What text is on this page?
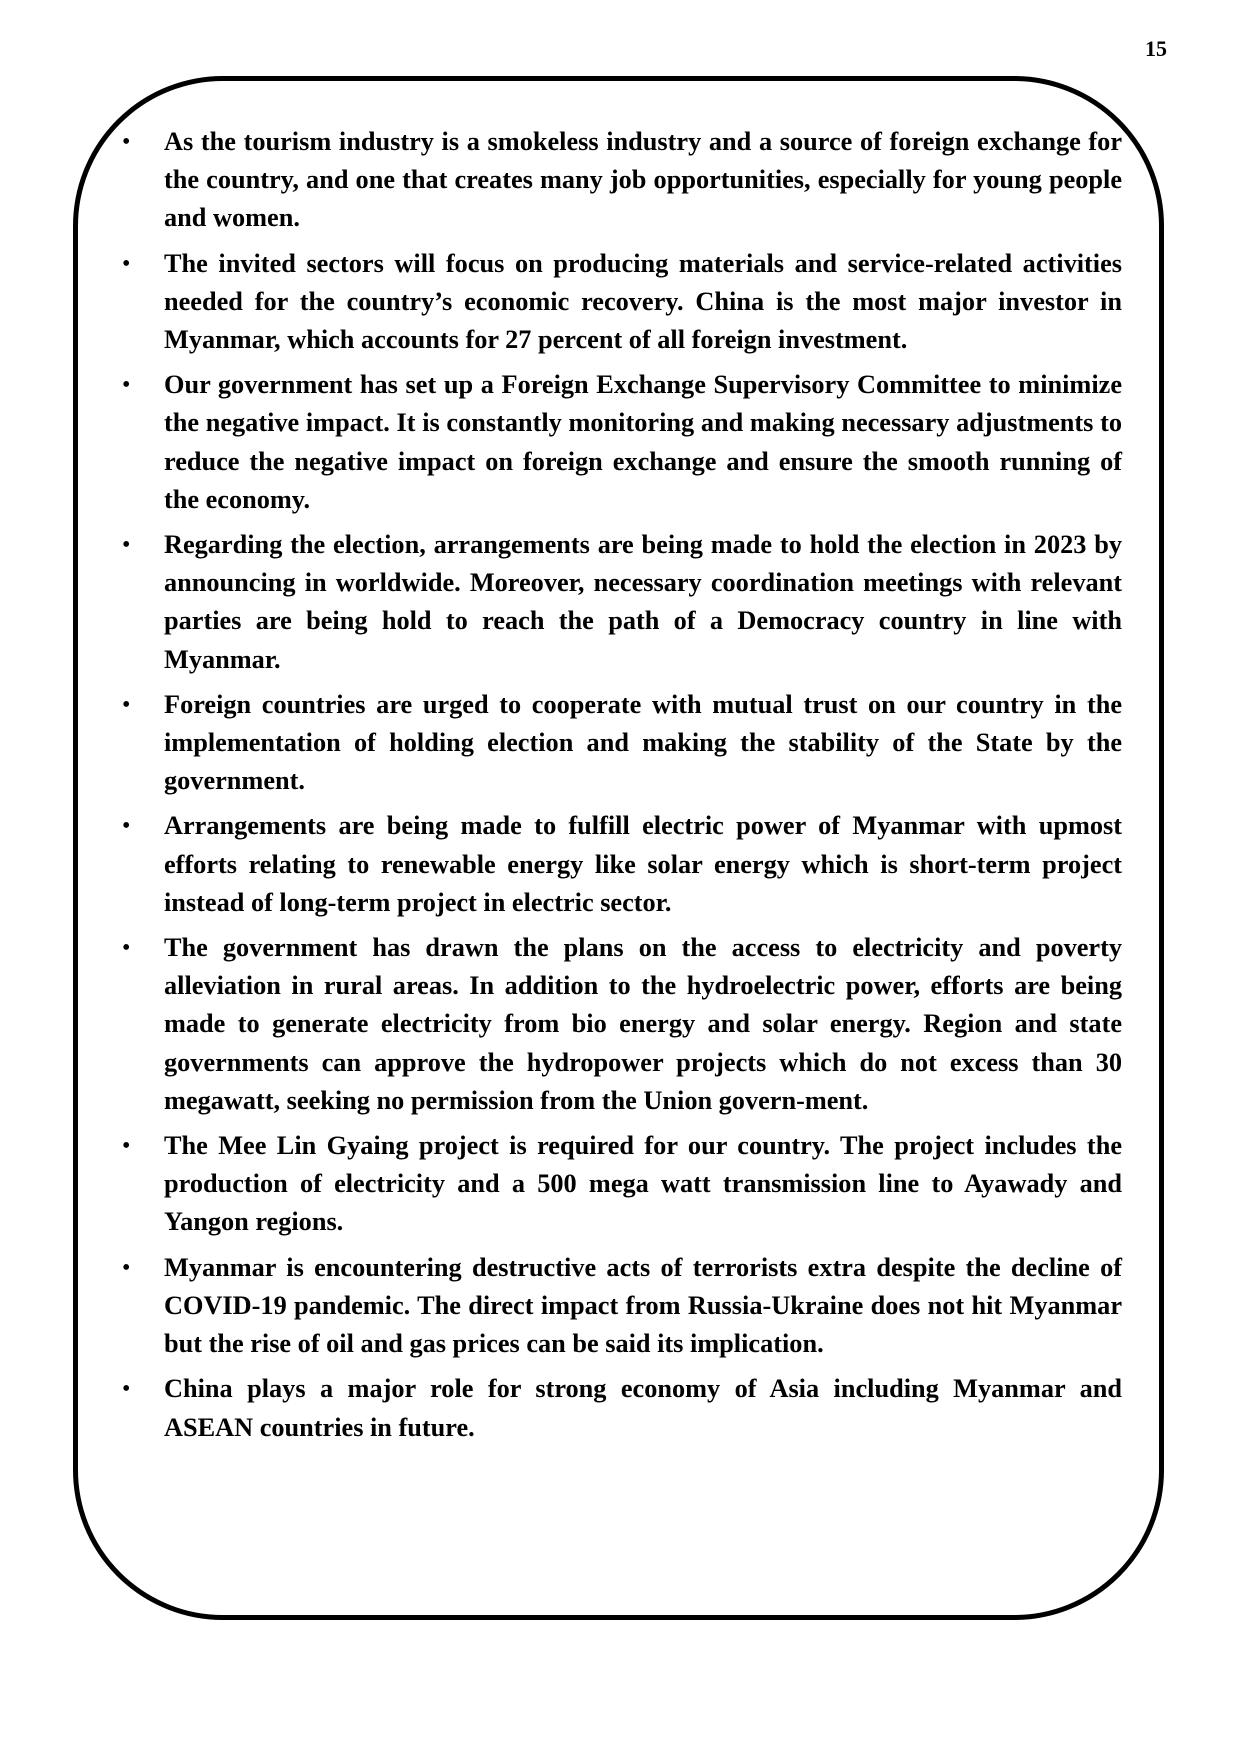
15
•	As the tourism industry is a smokeless industry and a source of foreign exchange for the country, and one that creates many job opportunities, especially for young people and women.
•	The invited sectors will focus on producing materials and service-related activities needed for the country’s economic recovery. China is the most major investor in Myanmar, which accounts for 27 percent of all foreign investment.
•	Our government has set up a Foreign Exchange Supervisory Committee to minimize the negative impact. It is constantly monitoring and making necessary adjustments to reduce the negative impact on foreign exchange and ensure the smooth running of the economy.
•	Regarding the election, arrangements are being made to hold the election in 2023 by announcing in worldwide. Moreover, necessary coordination meetings with relevant parties are being hold to reach the path of a Democracy country in line with Myanmar.
•	Foreign countries are urged to cooperate with mutual trust on our country in the implementation of holding election and making the stability of the State by the government.
•	Arrangements are being made to fulfill electric power of Myanmar with upmost efforts relating to renewable energy like solar energy which is short-term project instead of long-term project in electric sector.
•	The government has drawn the plans on the access to electricity and poverty alleviation in rural areas. In addition to the hydroelectric power, efforts are being made to generate electricity from bio energy and solar energy. Region and state governments can approve the hydropower projects which do not excess than 30 megawatt, seeking no permission from the Union govern-ment.
•	The Mee Lin Gyaing project is required for our country. The project includes the production of electricity and a 500 mega watt transmission line to Ayawady and Yangon regions.
•	Myanmar is encountering destructive acts of terrorists extra despite the decline of COVID-19 pandemic. The direct impact from Russia-Ukraine does not hit Myanmar but the rise of oil and gas prices can be said its implication.
•	China plays a major role for strong economy of Asia including Myanmar and ASEAN countries in future.
